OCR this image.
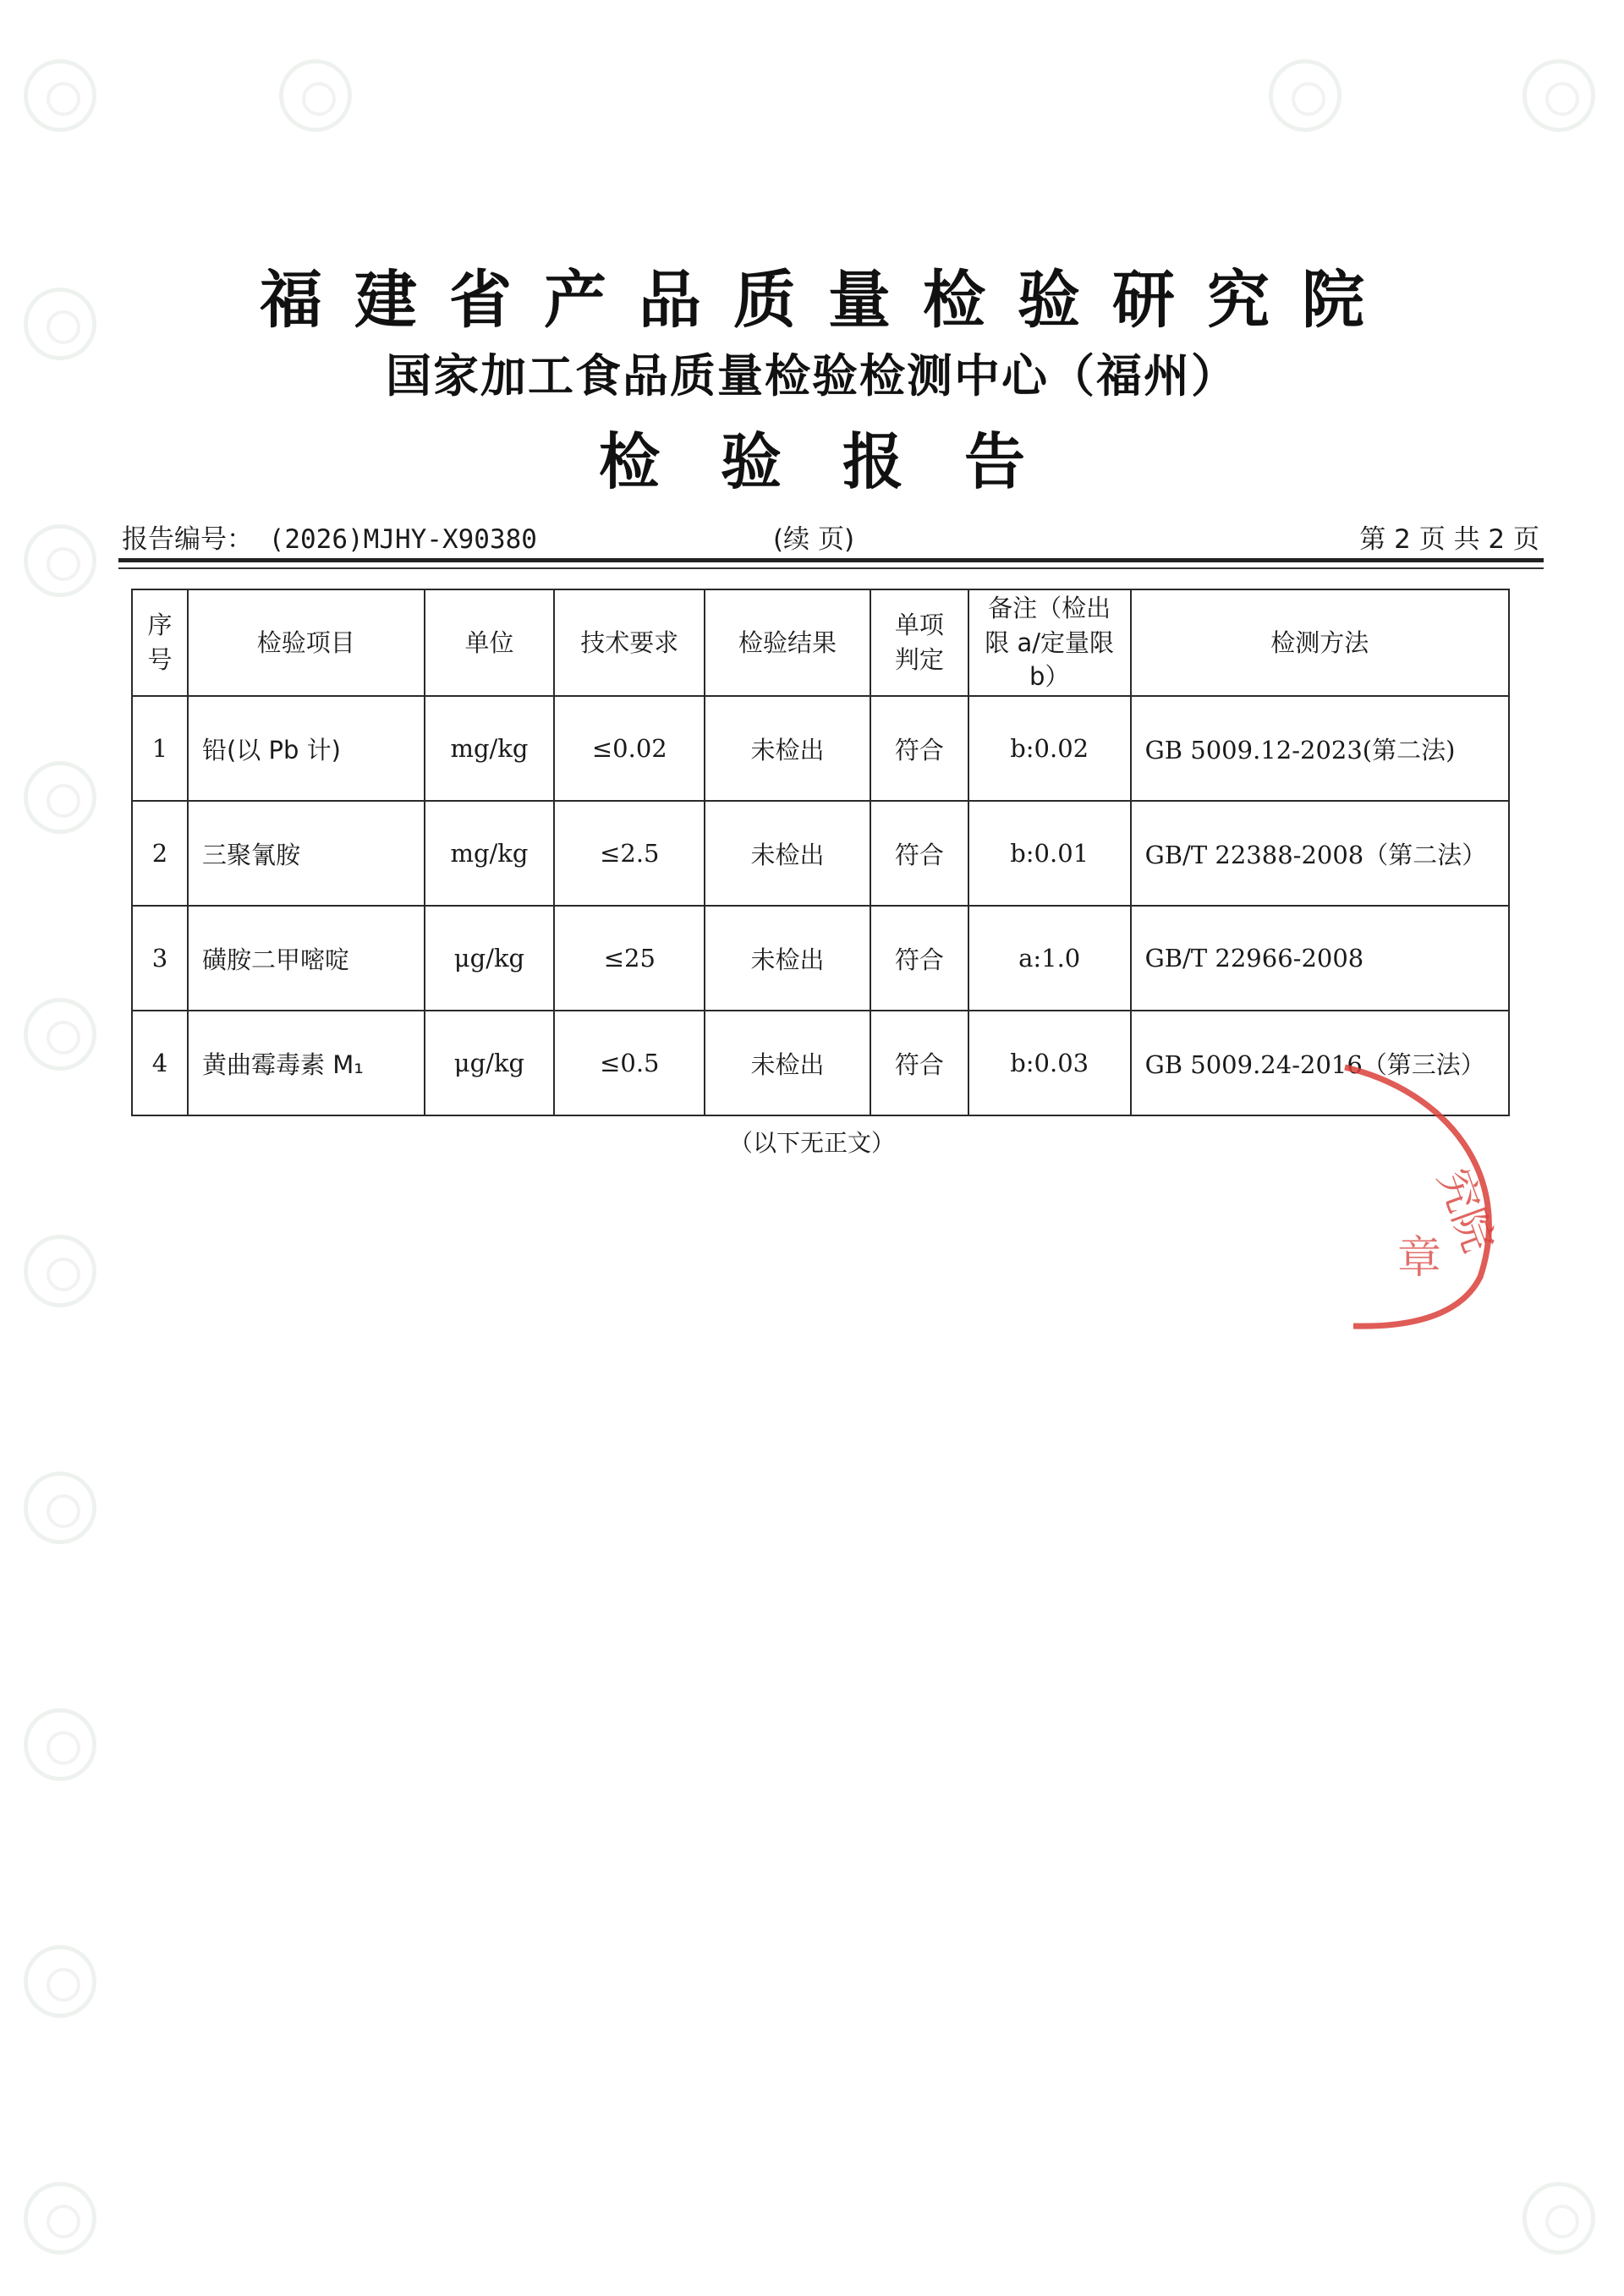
福建省产品质量检验研究院
国家加工食品质量检验检测中心（福州）
检验报告
报告编号： (2026)MJHY-X90380	(续 页)	第 2 页 共 2 页
序号	检验项目	单位	技术要求	检验结果	单项判定	备注（检出限 a/定量限 b）	检测方法
1	铅(以 Pb 计)	mg/kg	≤0.02	未检出	符合	b:0.02	GB 5009.12-2023(第二法)
2	三聚氰胺	mg/kg	≤2.5	未检出	符合	b:0.01	GB/T 22388-2008（第二法）
3	磺胺二甲嘧啶	μg/kg	≤25	未检出	符合	a:1.0	GB/T 22966-2008
4	黄曲霉毒素 M₁	μg/kg	≤0.5	未检出	符合	b:0.03	GB 5009.24-2016（第三法）
（以下无正文）
究院
章
